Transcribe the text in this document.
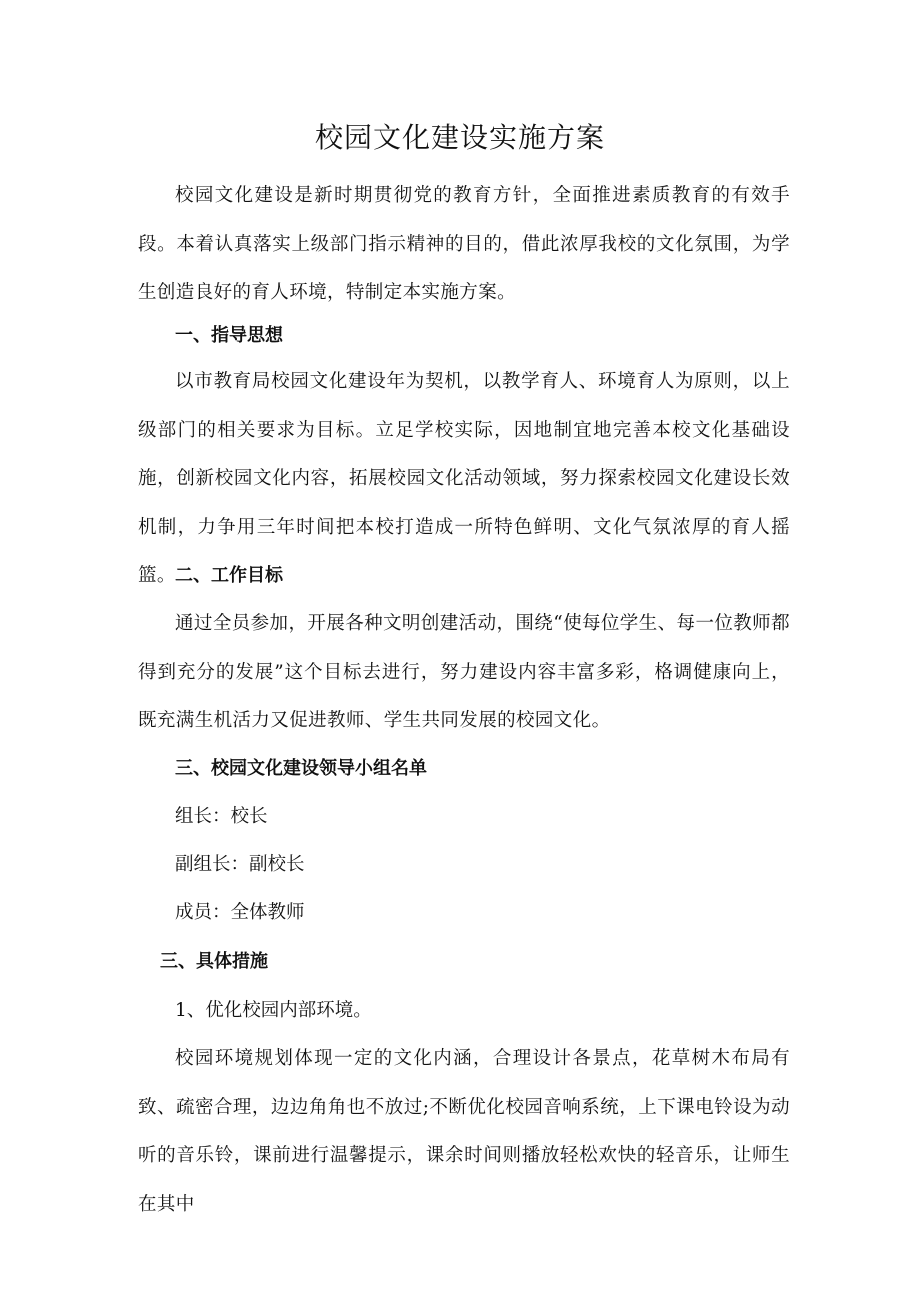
校园文化建设实施方案

校园文化建设是新时期贯彻党的教育方针，全面推进素质教育的有效手段。本着认真落实上级部门指示精神的目的，借此浓厚我校的文化氛围，为学生创造良好的育人环境，特制定本实施方案。

一、指导思想

以市教育局校园文化建设年为契机，以教学育人、环境育人为原则，以上级部门的相关要求为目标。立足学校实际，因地制宜地完善本校文化基础设施，创新校园文化内容，拓展校园文化活动领域，努力探索校园文化建设长效机制，力争用三年时间把本校打造成一所特色鲜明、文化气氛浓厚的育人摇篮。 二、工作目标

通过全员参加，开展各种文明创建活动，围绕“使每位学生、每一位教师都得到充分的发展”这个目标去进行，努力建设内容丰富多彩，格调健康向上，既充满生机活力又促进教师、学生共同发展的校园文化。

三、校园文化建设领导小组名单

组长：校长

副组长：副校长

成员：全体教师

三、具体措施

1、优化校园内部环境。

校园环境规划体现一定的文化内涵，合理设计各景点，花草树木布局有致、疏密合理，边边角角也不放过;不断优化校园音响系统，上下课电铃设为动听的音乐铃，课前进行温馨提示，课余时间则播放轻松欢快的轻音乐，让师生在其中
